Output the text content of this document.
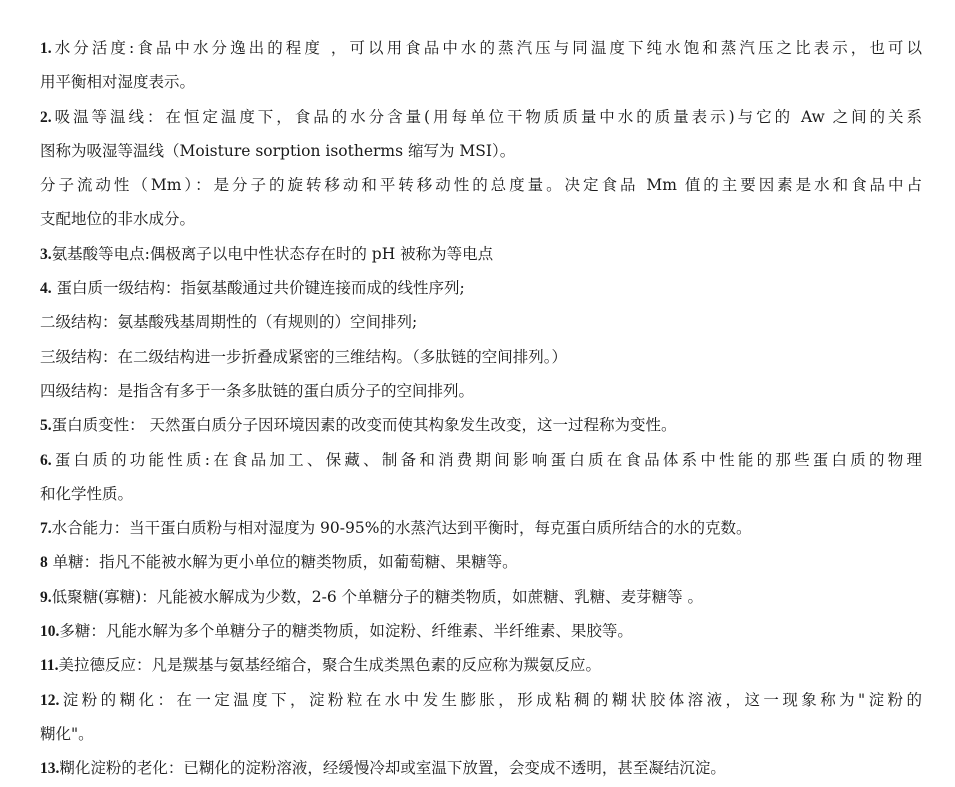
1.水分活度:食品中水分逸出的程度 ，可以用食品中水的蒸汽压与同温度下纯水饱和蒸汽压之比表示，也可以
用平衡相对湿度表示。
2.吸温等温线：在恒定温度下，食品的水分含量(用每单位干物质质量中水的质量表示)与它的 Aw 之间的关系
图称为吸湿等温线（Moisture sorption isotherms 缩写为 MSI）。
分子流动性（Mm）：是分子的旋转移动和平转移动性的总度量。决定食品 Mm 值的主要因素是水和食品中占
支配地位的非水成分。
3.氨基酸等电点:偶极离子以电中性状态存在时的 pH 被称为等电点
4. 蛋白质一级结构：指氨基酸通过共价键连接而成的线性序列;
二级结构：氨基酸残基周期性的（有规则的）空间排列;
三级结构：在二级结构进一步折叠成紧密的三维结构。（多肽链的空间排列。）
四级结构：是指含有多于一条多肽链的蛋白质分子的空间排列。
5.蛋白质变性： 天然蛋白质分子因环境因素的改变而使其构象发生改变，这一过程称为变性。
6.蛋白质的功能性质:在食品加工、保藏、制备和消费期间影响蛋白质在食品体系中性能的那些蛋白质的物理
和化学性质。
7.水合能力：当干蛋白质粉与相对湿度为 90-95%的水蒸汽达到平衡时，每克蛋白质所结合的水的克数。
8 单糖：指凡不能被水解为更小单位的糖类物质，如葡萄糖、果糖等。
9.低聚糖(寡糖)：凡能被水解成为少数，2-6 个单糖分子的糖类物质，如蔗糖、乳糖、麦芽糖等 。
10.多糖：凡能水解为多个单糖分子的糖类物质，如淀粉、纤维素、半纤维素、果胶等。
11.美拉德反应：凡是羰基与氨基经缩合，聚合生成类黑色素的反应称为羰氨反应。
12.淀粉的糊化：在一定温度下，淀粉粒在水中发生膨胀，形成粘稠的糊状胶体溶液，这一现象称为"淀粉的
糊化"。
13.糊化淀粉的老化：已糊化的淀粉溶液，经缓慢冷却或室温下放置，会变成不透明，甚至凝结沉淀。
